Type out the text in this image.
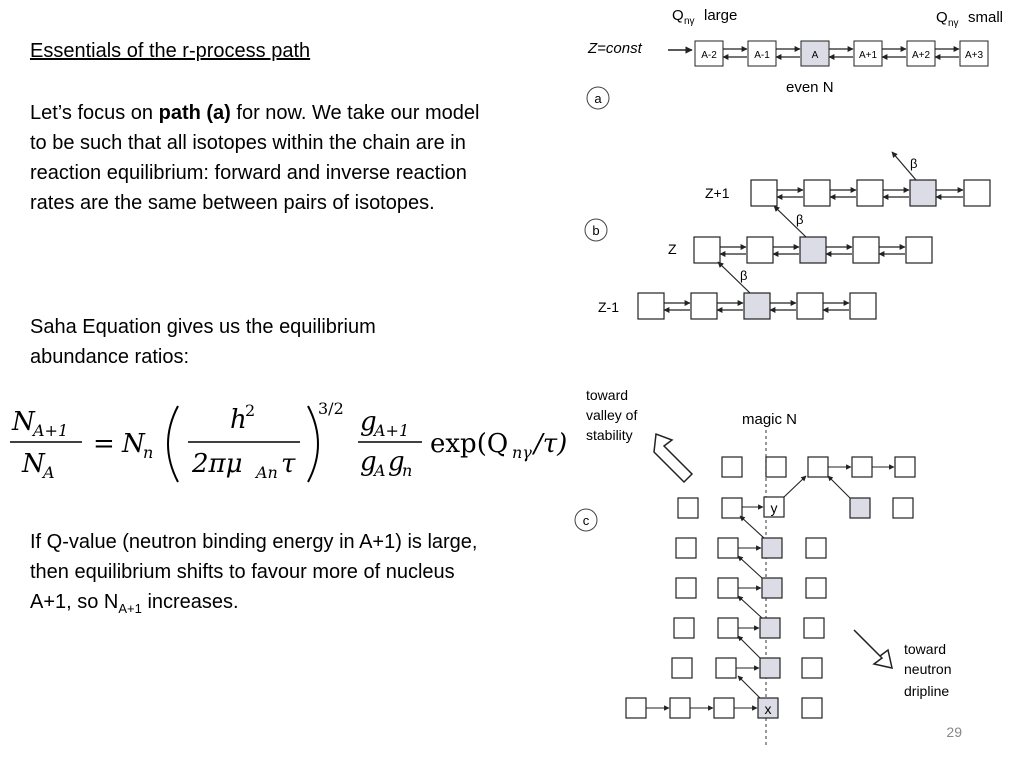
Essentials of the r-process path

Let’s focus on path (a) for now. We take our model to be such that all isotopes within the chain are in reaction equilibrium: forward and inverse reaction rates are the same between pairs of isotopes.

Saha Equation gives us the equilibrium abundance ratios:

If Q-value (neutron binding energy in A+1) is large, then equilibrium shifts to favour more of nucleus A+1, so $N_{A+1}$ increases.

N
A+1
N
A
= N
n
h
2
2πμ An τ
3/2 g
A+1
g
A g
n
exp(Q nγ /τ)
Q nγ large	Q nγ small
Z=const	A-2	A-1	A	A+1	A+2	A+3
a
even N
Z+1
Z
Z-1
β
β
β
b
toward
valley of
stability
magic N
y
x
toward
neutron
dripline
c
29
